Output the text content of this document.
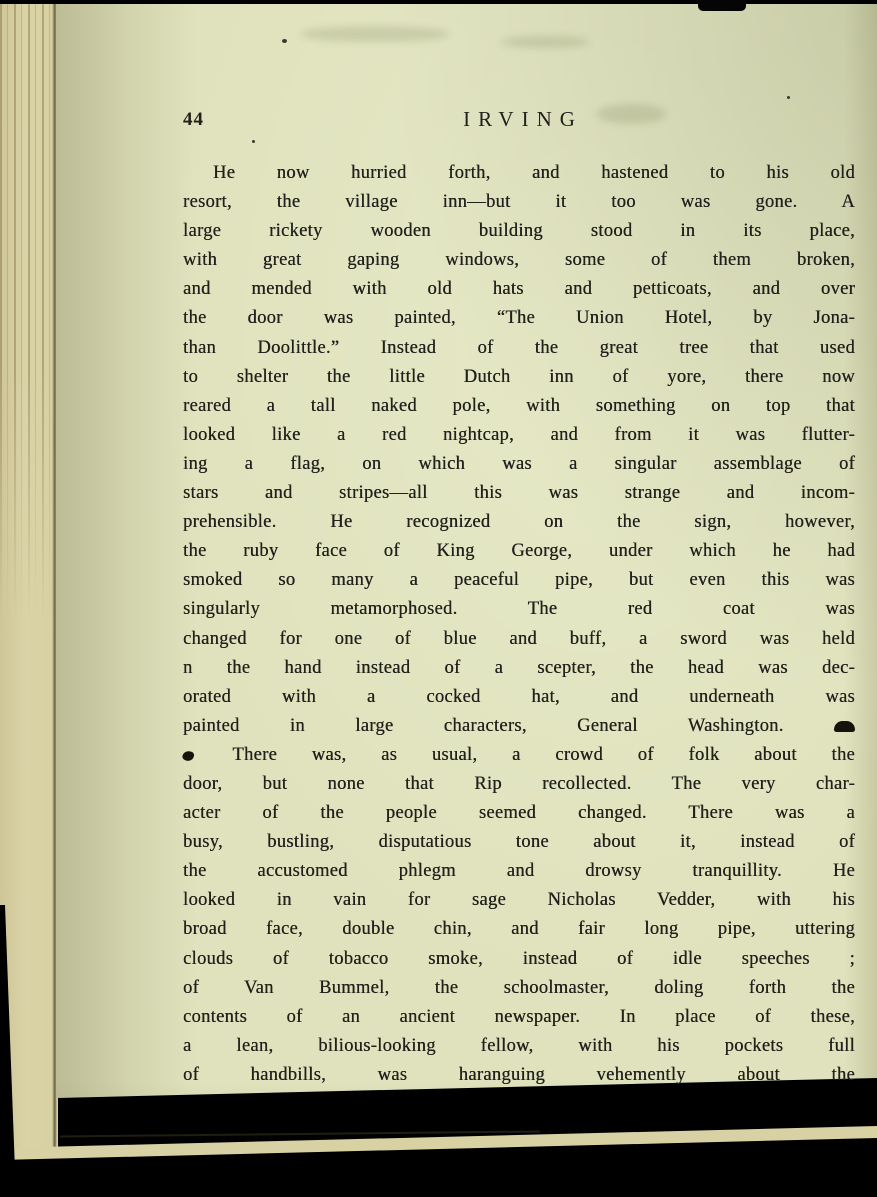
44	IRVING
He now hurried forth, and hastened to his old
resort, the village inn—but it too was gone. A
large rickety wooden building stood in its place,
with great gaping windows, some of them broken,
and mended with old hats and petticoats, and over
the door was painted, “The Union Hotel, by Jona-
than Doolittle.” Instead of the great tree that used
to shelter the little Dutch inn of yore, there now
reared a tall naked pole, with something on top that
looked like a red nightcap, and from it was flutter-
ing a flag, on which was a singular assemblage of
stars and stripes—all this was strange and incom-
prehensible. He recognized on the sign, however,
the ruby face of King George, under which he had
smoked so many a peaceful pipe, but even this was
singularly metamorphosed. The red coat was
changed for one of blue and buff, a sword was held
n the hand instead of a scepter, the head was dec-
orated with a cocked hat, and underneath was
painted in large characters, General Washington.
There was, as usual, a crowd of folk about the
door, but none that Rip recollected. The very char-
acter of the people seemed changed. There was a
busy, bustling, disputatious tone about it, instead of
the accustomed phlegm and drowsy tranquillity. He
looked in vain for sage Nicholas Vedder, with his
broad face, double chin, and fair long pipe, uttering
clouds of tobacco smoke, instead of idle speeches ;
of Van Bummel, the schoolmaster, doling forth the
contents of an ancient newspaper. In place of these,
a lean, bilious-looking fellow, with his pockets full
of handbills, was haranguing vehemently about the
